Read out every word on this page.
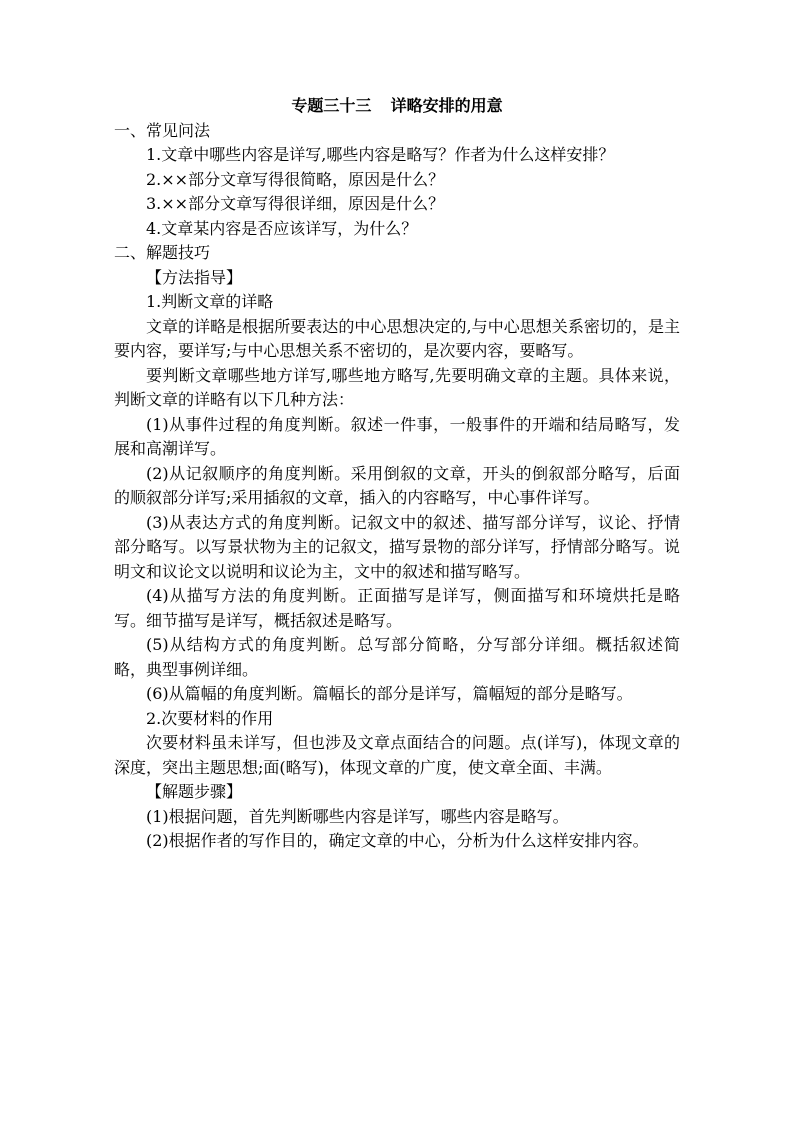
专题三十三 详略安排的用意

一、常见问法

1.文章中哪些内容是详写,哪些内容是略写？作者为什么这样安排？

2.××部分文章写得很简略，原因是什么？

3.××部分文章写得很详细，原因是什么？

4.文章某内容是否应该详写，为什么？

二、解题技巧

【方法指导】

1.判断文章的详略

文章的详略是根据所要表达的中心思想决定的,与中心思想关系密切的，是主要内容，要详写;与中心思想关系不密切的，是次要内容，要略写。

要判断文章哪些地方详写,哪些地方略写,先要明确文章的主题。具体来说，判断文章的详略有以下几种方法：

(1)从事件过程的角度判断。叙述一件事，一般事件的开端和结局略写，发展和高潮详写。

(2)从记叙顺序的角度判断。采用倒叙的文章，开头的倒叙部分略写，后面的顺叙部分详写;采用插叙的文章，插入的内容略写，中心事件详写。

(3)从表达方式的角度判断。记叙文中的叙述、描写部分详写，议论、抒情部分略写。以写景状物为主的记叙文，描写景物的部分详写，抒情部分略写。说明文和议论文以说明和议论为主，文中的叙述和描写略写。

(4)从描写方法的角度判断。正面描写是详写，侧面描写和环境烘托是略写。细节描写是详写，概括叙述是略写。

(5)从结构方式的角度判断。总写部分简略，分写部分详细。概括叙述简略，典型事例详细。

(6)从篇幅的角度判断。篇幅长的部分是详写，篇幅短的部分是略写。

2.次要材料的作用

次要材料虽未详写，但也涉及文章点面结合的问题。点(详写)，体现文章的深度，突出主题思想;面(略写)，体现文章的广度，使文章全面、丰满。

【解题步骤】

(1)根据问题，首先判断哪些内容是详写，哪些内容是略写。

(2)根据作者的写作目的，确定文章的中心，分析为什么这样安排内容。
